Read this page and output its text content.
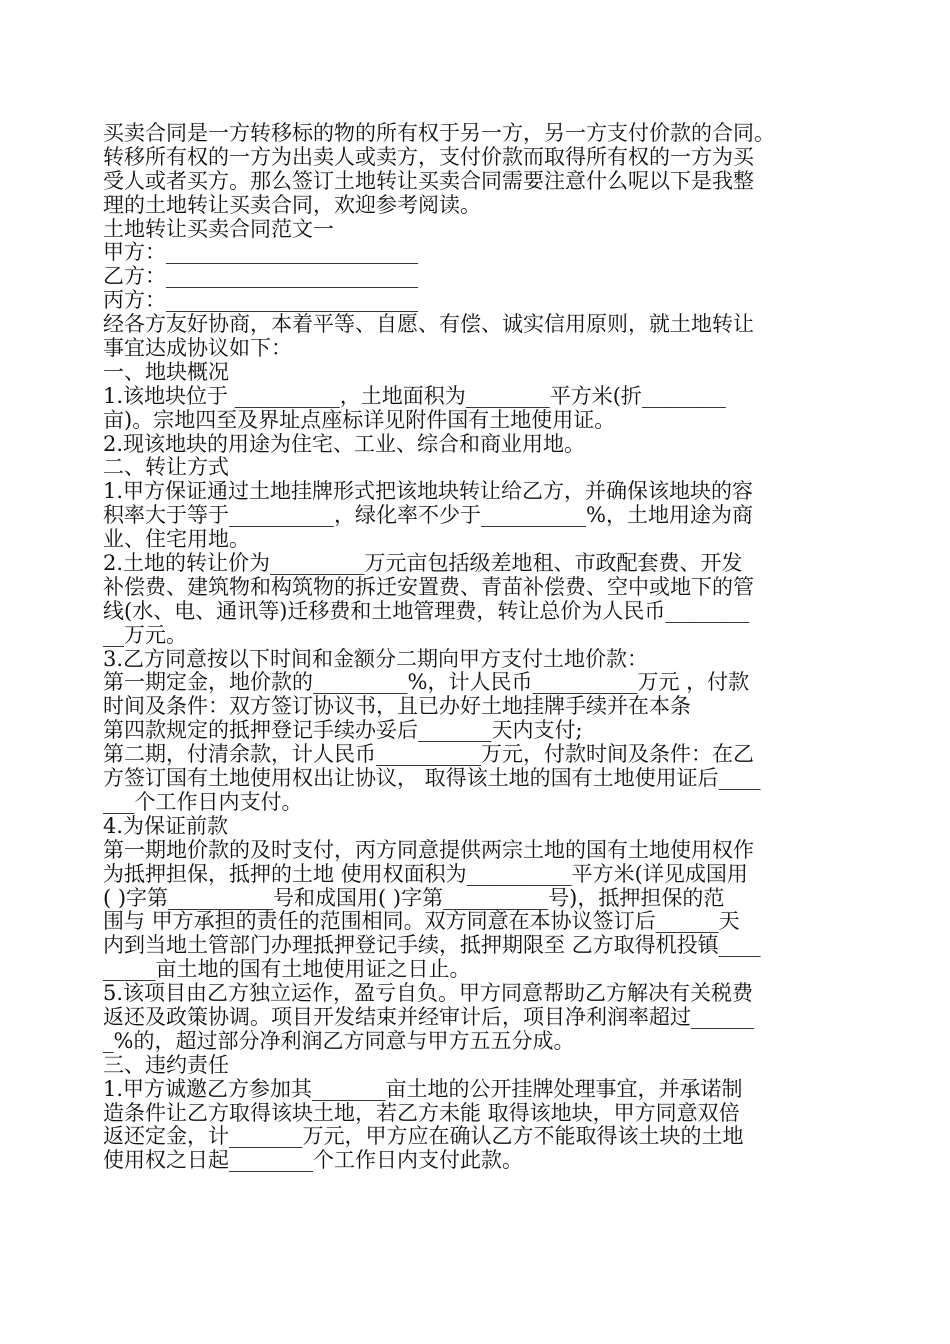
买卖合同是一方转移标的物的所有权于另一方，另一方支付价款的合同。
转移所有权的一方为出卖人或卖方，支付价款而取得所有权的一方为买
受人或者买方。那么签订土地转让买卖合同需要注意什么呢以下是我整
理的土地转让买卖合同，欢迎参考阅读。
土地转让买卖合同范文一
甲方：________________________
乙方：________________________
丙方：________________________
经各方友好协商，本着平等、自愿、有偿、诚实信用原则，就土地转让
事宜达成协议如下：
一、地块概况
1.该地块位于 __________，土地面积为________平方米(折________
亩)。宗地四至及界址点座标详见附件国有土地使用证。
2.现该地块的用途为住宅、工业、综合和商业用地。
二、转让方式
1.甲方保证通过土地挂牌形式把该地块转让给乙方，并确保该地块的容
积率大于等于__________，绿化率不少于__________%，土地用途为商
业、住宅用地。
2.土地的转让价为_________万元亩包括级差地租、市政配套费、开发
补偿费、建筑物和构筑物的拆迁安置费、青苗补偿费、空中或地下的管
线(水、电、通讯等)迁移费和土地管理费，转让总价为人民币________
__万元。
3.乙方同意按以下时间和金额分二期向甲方支付土地价款：
第一期定金，地价款的_________%，计人民币__________万元 ，付款
时间及条件：双方签订协议书，且已办好土地挂牌手续并在本条
第四款规定的抵押登记手续办妥后_______天内支付;
第二期，付清余款，计人民币__________万元，付款时间及条件：在乙
方签订国有土地使用权出让协议， 取得该土地的国有土地使用证后____
___个工作日内支付。
4.为保证前款
第一期地价款的及时支付，丙方同意提供两宗土地的国有土地使用权作
为抵押担保，抵押的土地 使用权面积为__________平方米(详见成国用
( )字第__________号和成国用( )字第__________号)，抵押担保的范
围与 甲方承担的责任的范围相同。双方同意在本协议签订后______天
内到当地土管部门办理抵押登记手续，抵押期限至 乙方取得机投镇____
_____亩土地的国有土地使用证之日止。
5.该项目由乙方独立运作，盈亏自负。甲方同意帮助乙方解决有关税费
返还及政策协调。项目开发结束并经审计后，项目净利润率超过______
_%的，超过部分净利润乙方同意与甲方五五分成。
三、违约责任
1.甲方诚邀乙方参加其_______亩土地的公开挂牌处理事宜，并承诺制
造条件让乙方取得该块土地，若乙方未能 取得该地块，甲方同意双倍
返还定金，计_______万元，甲方应在确认乙方不能取得该土块的土地
使用权之日起________个工作日内支付此款。
